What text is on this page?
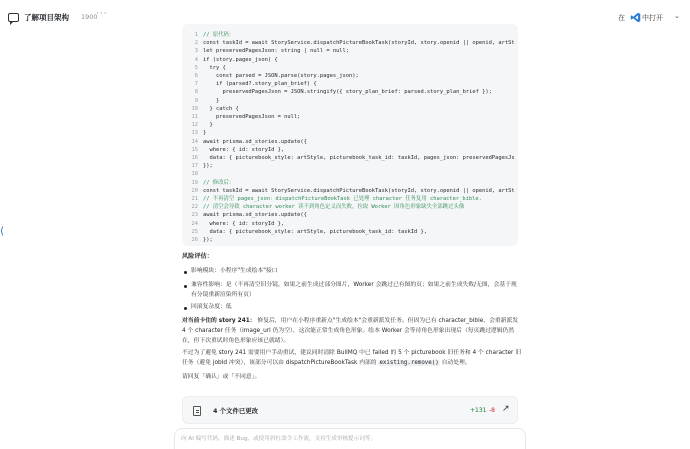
了解项目架构 1900
···	在 中打开 ⌄
⟨
1 // 原代码：
2 const taskId = await StoryService.dispatchPictureBookTask(storyId, story.openid || openid, artSt
3 let preservedPagesJson: string | null = null;
4 if (story.pages_json) {
5 try {
6 const parsed = JSON.parse(story.pages_json);
7 if (parsed?.story_plan_brief) {
8 preservedPagesJson = JSON.stringify({ story_plan_brief: parsed.story_plan_brief });
9 }
10 } catch {
11 preservedPagesJson = null;
12 }
13 }
14 await prisma.sd_stories.update({
15 where: { id: storyId },
16 data: { picturebook_style: artStyle, picturebook_task_id: taskId, pages_json: preservedPagesJs
17 });
18
19 // 修改后：
20 const taskId = await StoryService.dispatchPictureBookTask(storyId, story.openid || openid, artSt
21 // 不再清空 pages_json：dispatchPictureBookTask 已处理 character 任务复用 character_bible.
22 // 清空会导致 character worker 读不到角色定义而失败，拉取 Worker 因角色形象缺失全部跳过头像
23 await prisma.sd_stories.update({
24 where: { id: storyId },
25 data: { picturebook_style: artStyle, picturebook_task_id: taskId },
26 });
风险评估：
影响模块：小程序"生成绘本"接口
兼容性影响：是（不再清空旧分镜，如果之前生成过部分图片，Worker 会跳过已有图的页；如果之前生成失败/无图，会基于现有分镜重新渲染所有页）
回滚复杂度：低
对当前卡住的 story 241： 修复后，用户在小程序重新点"生成绘本"会重新派发任务。但因为已有 character_bible，会重新派发 4 个 character 任务（image_url 仍为空），这次能正常生成角色形象。绘本 Worker 会等待角色形象出现后（每页跳过逻辑仍然在，但下次重试时角色形象应该已就绪）。
不过为了避免 story 241 需要用户手动重试，建议同时清除 BullMQ 中已 failed 的 5 个 picturebook 旧任务和 4 个 character 旧任务（避免 jobId 冲突），该部分可以由 dispatchPictureBookTask 内部的 existing.remove() 自动处理。
请回复「确认」或「不同意」。
4 个文件已更改	+131 -8 ↗
向 AI 编写代码、描述 Bug、或使用斜杠命令工作流，支持生成审核提示词等。
